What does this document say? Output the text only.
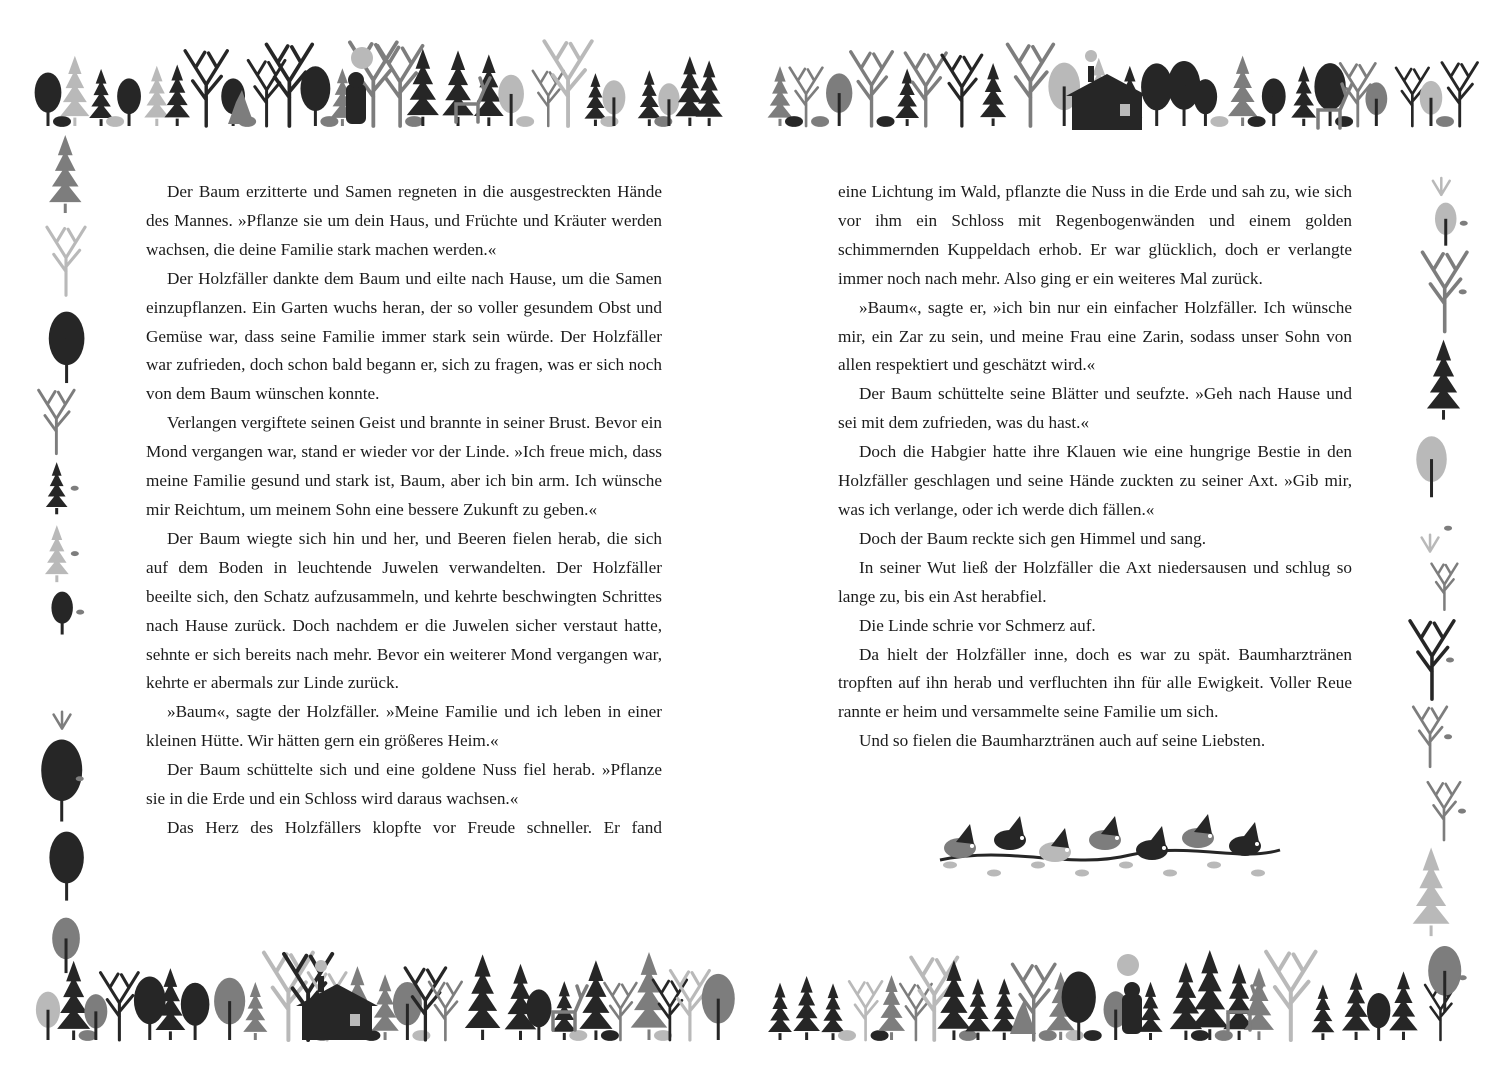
Der Baum erzitterte und Samen regneten in die ausgestreckten Hände des Mannes. »Pflanze sie um dein Haus, und Früchte und Kräuter werden wachsen, die deine Familie stark machen werden.«

Der Holzfäller dankte dem Baum und eilte nach Hause, um die Samen einzupflanzen. Ein Garten wuchs heran, der so voller gesundem Obst und Gemüse war, dass seine Familie immer stark sein würde. Der Holzfäller war zufrieden, doch schon bald begann er, sich zu fragen, was er sich noch von dem Baum wünschen konnte.

Verlangen vergiftete seinen Geist und brannte in seiner Brust. Bevor ein Mond vergangen war, stand er wieder vor der Linde. »Ich freue mich, dass meine Familie gesund und stark ist, Baum, aber ich bin arm. Ich wünsche mir Reichtum, um meinem Sohn eine bessere Zukunft zu geben.«

Der Baum wiegte sich hin und her, und Beeren fielen herab, die sich auf dem Boden in leuchtende Juwelen verwandelten. Der Holzfäller beeilte sich, den Schatz aufzusammeln, und kehrte beschwingten Schrittes nach Hause zurück. Doch nachdem er die Juwelen sicher verstaut hatte, sehnte er sich bereits nach mehr. Bevor ein weiterer Mond vergangen war, kehrte er abermals zur Linde zurück.

»Baum«, sagte der Holzfäller. »Meine Familie und ich leben in einer kleinen Hütte. Wir hätten gern ein größeres Heim.«

Der Baum schüttelte sich und eine goldene Nuss fiel herab. »Pflanze sie in die Erde und ein Schloss wird daraus wachsen.«

Das Herz des Holzfällers klopfte vor Freude schneller. Er fand

eine Lichtung im Wald, pflanzte die Nuss in die Erde und sah zu, wie sich vor ihm ein Schloss mit Regenbogenwänden und einem golden schimmernden Kuppeldach erhob. Er war glücklich, doch er verlangte immer noch nach mehr. Also ging er ein weiteres Mal zurück.

»Baum«, sagte er, »ich bin nur ein einfacher Holzfäller. Ich wünsche mir, ein Zar zu sein, und meine Frau eine Zarin, sodass unser Sohn von allen respektiert und geschätzt wird.«

Der Baum schüttelte seine Blätter und seufzte. »Geh nach Hause und sei mit dem zufrieden, was du hast.«

Doch die Habgier hatte ihre Klauen wie eine hungrige Bestie in den Holzfäller geschlagen und seine Hände zuckten zu seiner Axt. »Gib mir, was ich verlange, oder ich werde dich fällen.«

Doch der Baum reckte sich gen Himmel und sang.

In seiner Wut ließ der Holzfäller die Axt niedersausen und schlug so lange zu, bis ein Ast herabfiel.

Die Linde schrie vor Schmerz auf.

Da hielt der Holzfäller inne, doch es war zu spät. Baumharztränen tropften auf ihn herab und verfluchten ihn für alle Ewigkeit. Voller Reue rannte er heim und versammelte seine Familie um sich.

Und so fielen die Baumharztränen auch auf seine Liebsten.
